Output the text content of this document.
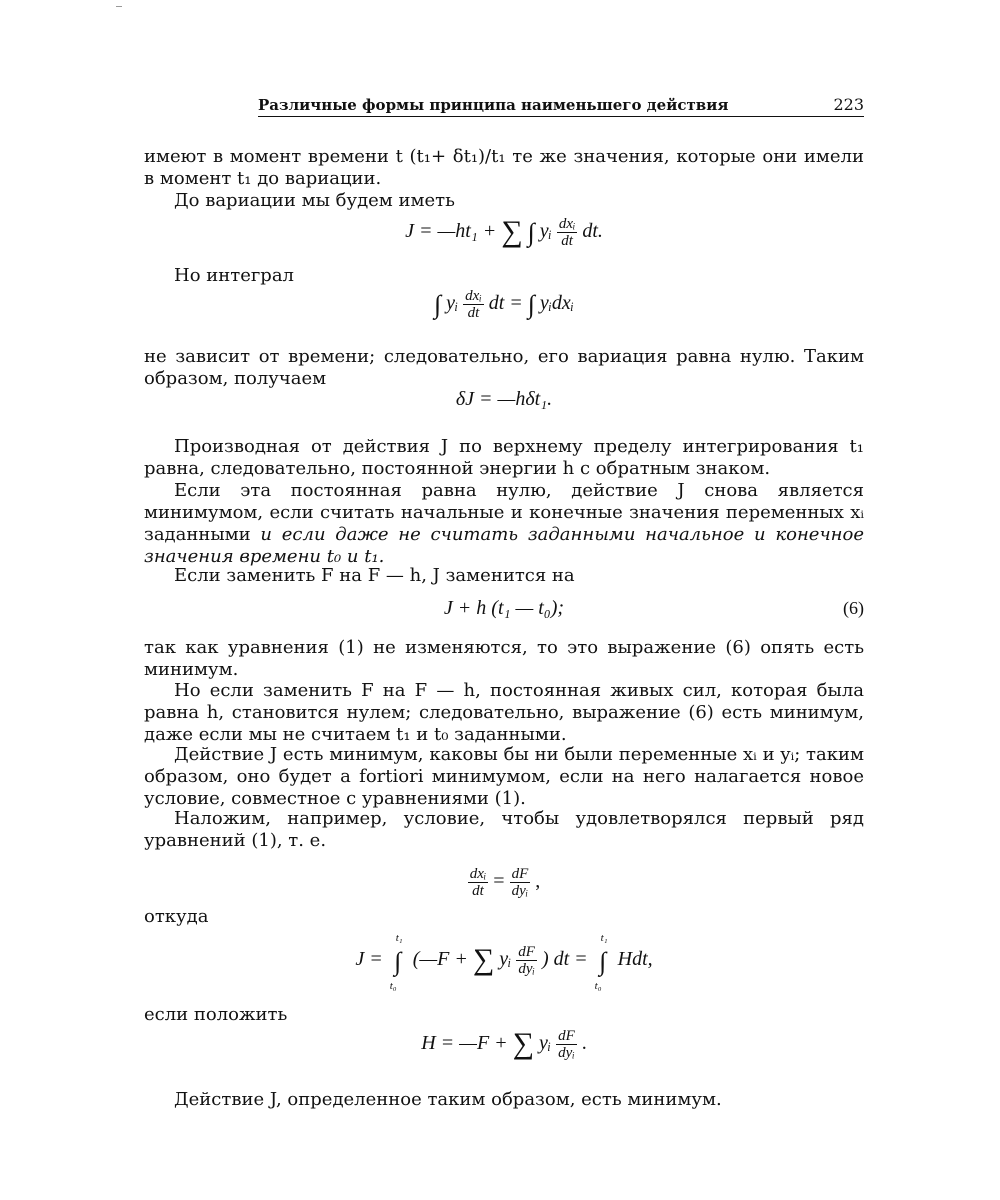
Различные формы принципа наименьшего действия	223
имеют в момент времени t (t₁+ δt₁)/t₁ те же значения, которые они имели в момент t₁ до вариации.
До вариации мы будем иметь
J = —ht₁ + ∑ ∫ yᵢ $\frac{\text{dxᵢ}}{dt}$ dt.
Но интеграл
∫ yᵢ $\frac{\text{dxᵢ}}{dt}$ dt = ∫ yᵢdxᵢ
не зависит от времени; следовательно, его вариация равна нулю. Таким образом, получаем
δJ = —hδt₁.
Производная от действия J по верхнему пределу интегрирования t₁ равна, следовательно, постоянной энергии h с обратным знаком.
Если эта постоянная равна нулю, действие J снова является минимумом, если считать начальные и конечные значения переменных xᵢ заданными и если даже не считать заданными начальное и конечное значения времени t₀ и t₁.
Если заменить F на F — h, J заменится на
J + h (t₁ — t₀);	(6)
так как уравнения (1) не изменяются, то это выражение (6) опять есть минимум.
Но если заменить F на F — h, постоянная живых сил, которая была равна h, становится нулем; следовательно, выражение (6) есть минимум, даже если мы не считаем t₁ и t₀ заданными.
Действие J есть минимум, каковы бы ни были переменные xᵢ и yᵢ; таким образом, оно будет a fortiori минимумом, если на него налагается новое условие, совместное с уравнениями (1).
Наложим, например, условие, чтобы удовлетворялся первый ряд уравнений (1), т. е.
$\frac{\text{dxᵢ}}{dt} = \frac{dF}{\text{dyᵢ}}$ ,
откуда
J = ∫
t₁
t₀
(—F + ∑ yᵢ $\frac{dF}{\text{dyᵢ}}$ ) dt = ∫
t₁
t₀
Hdt,
если положить
H = —F + ∑ yᵢ $\frac{dF}{\text{dyᵢ}}$ .
Действие J, определенное таким образом, есть минимум.
